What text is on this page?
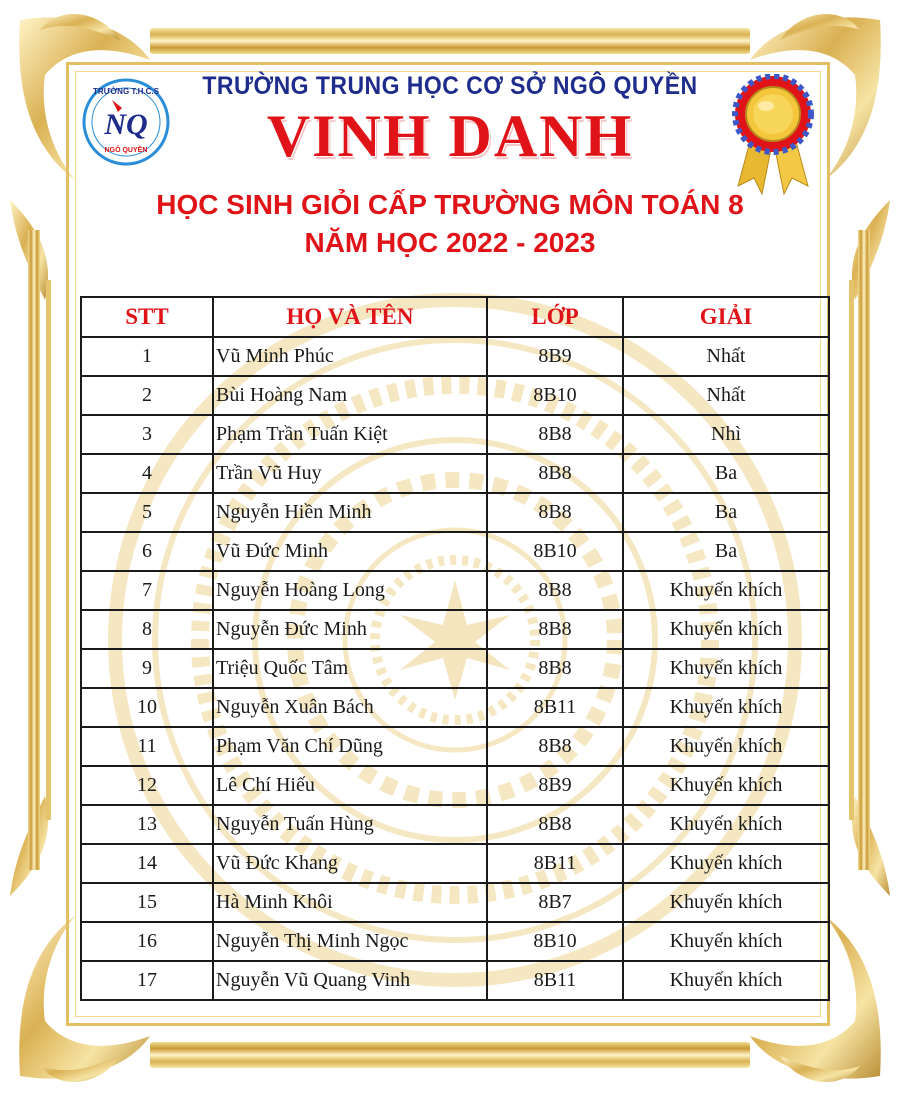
TRƯỜNG T.H.C.S
NQ
NGÔ QUYỀN
TRƯỜNG TRUNG HỌC CƠ SỞ NGÔ QUYỀN
VINH DANH
HỌC SINH GIỎI CẤP TRƯỜNG MÔN TOÁN 8
NĂM HỌC 2022 - 2023
STT	HỌ VÀ TÊN	LỚP	GIẢI
1	Vũ Minh Phúc	8B9	Nhất
2	Bùi Hoàng Nam	8B10	Nhất
3	Phạm Trần Tuấn Kiệt	8B8	Nhì
4	Trần Vũ Huy	8B8	Ba
5	Nguyễn Hiền Minh	8B8	Ba
6	Vũ Đức Minh	8B10	Ba
7	Nguyễn Hoàng Long	8B8	Khuyến khích
8	Nguyễn Đức Minh	8B8	Khuyến khích
9	Triệu Quốc Tâm	8B8	Khuyến khích
10	Nguyễn Xuân Bách	8B11	Khuyến khích
11	Phạm Văn Chí Dũng	8B8	Khuyến khích
12	Lê Chí Hiếu	8B9	Khuyến khích
13	Nguyễn Tuấn Hùng	8B8	Khuyến khích
14	Vũ Đức Khang	8B11	Khuyến khích
15	Hà Minh Khôi	8B7	Khuyến khích
16	Nguyễn Thị Minh Ngọc	8B10	Khuyến khích
17	Nguyễn Vũ Quang Vinh	8B11	Khuyến khích
